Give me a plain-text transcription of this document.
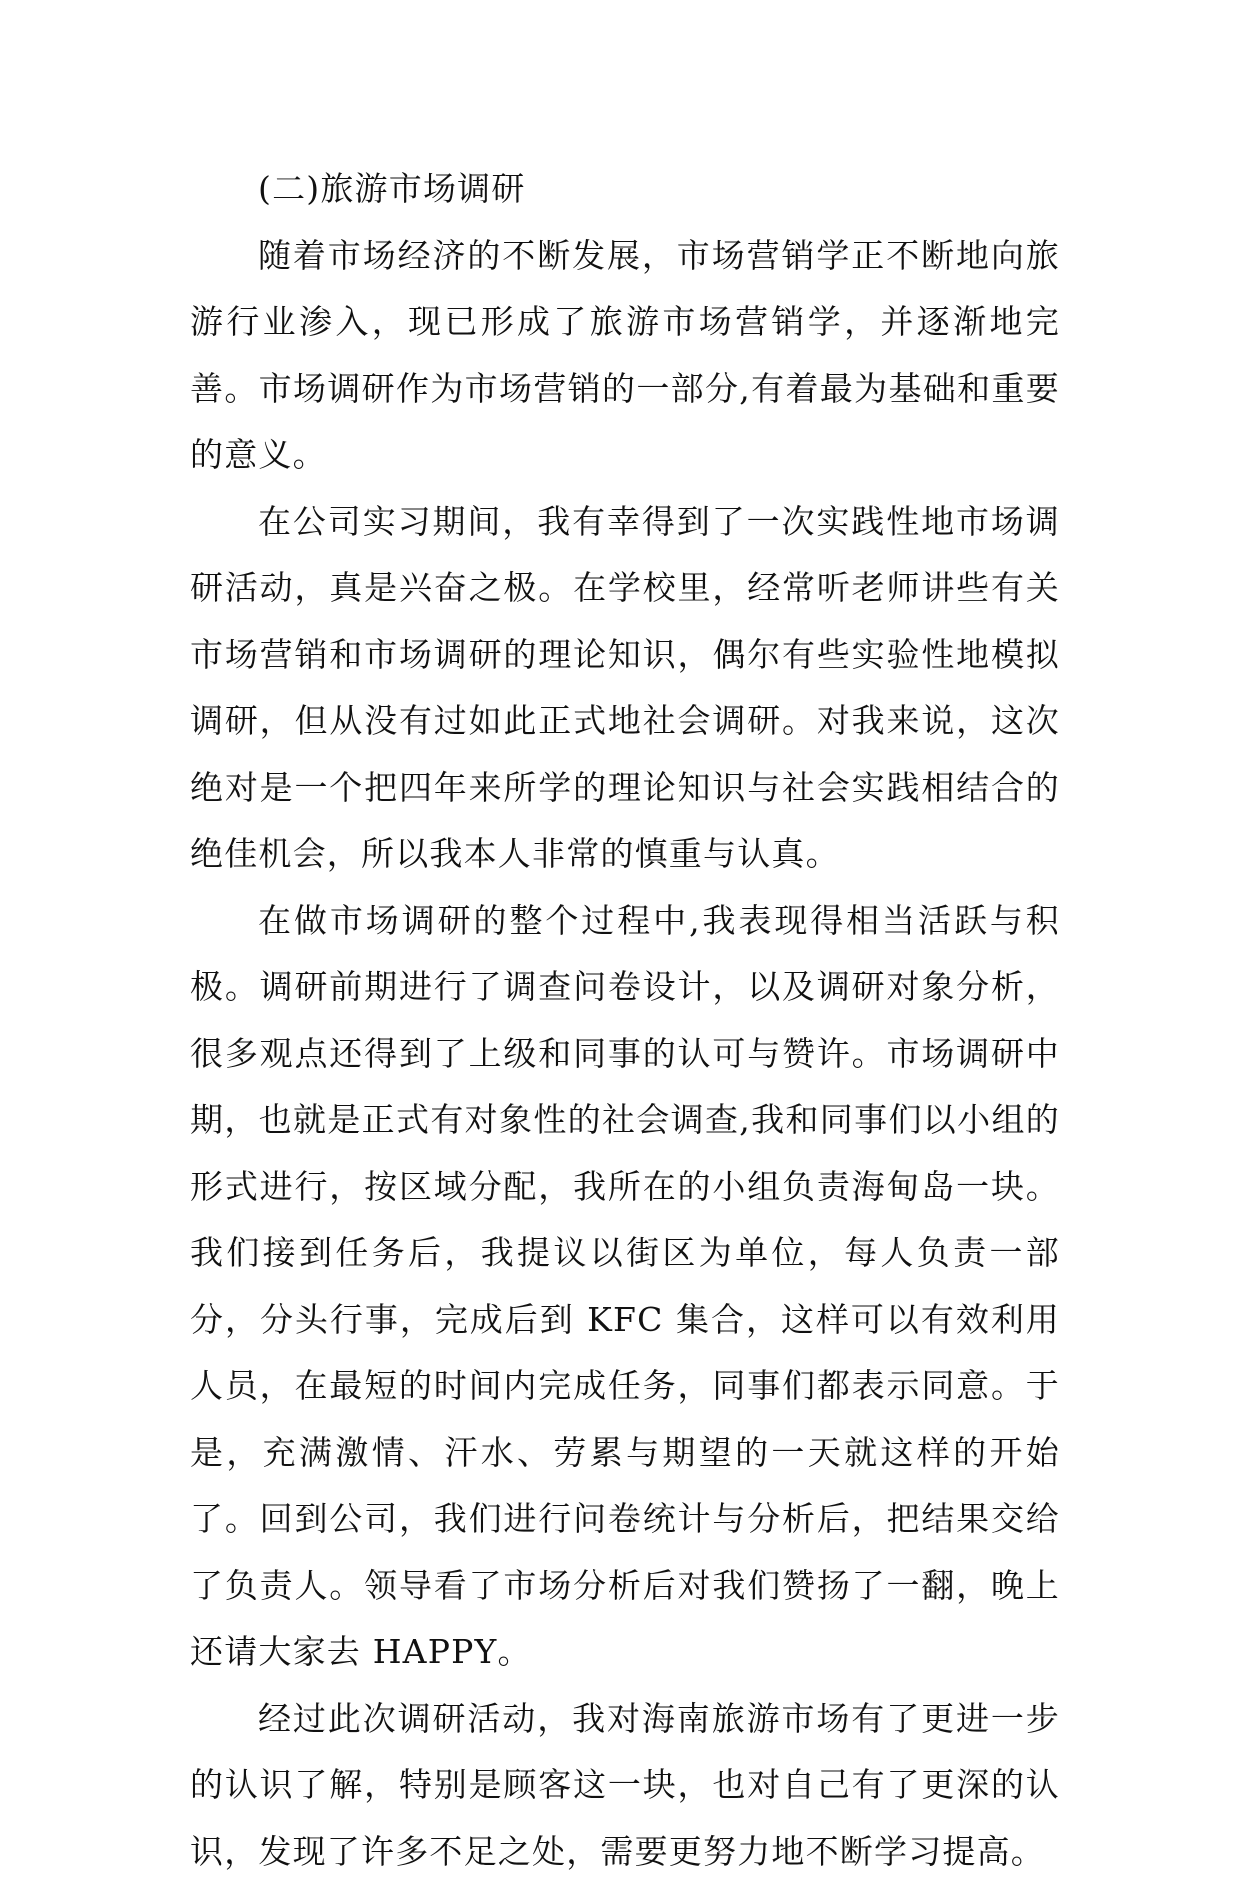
(二)旅游市场调研

随着市场经济的不断发展，市场营销学正不断地向旅游行业渗入，现已形成了旅游市场营销学，并逐渐地完善。市场调研作为市场营销的一部分,有着最为基础和重要的意义。

在公司实习期间，我有幸得到了一次实践性地市场调研活动，真是兴奋之极。在学校里，经常听老师讲些有关市场营销和市场调研的理论知识，偶尔有些实验性地模拟调研，但从没有过如此正式地社会调研。对我来说，这次绝对是一个把四年来所学的理论知识与社会实践相结合的绝佳机会，所以我本人非常的慎重与认真。

在做市场调研的整个过程中,我表现得相当活跃与积极。调研前期进行了调查问卷设计，以及调研对象分析，很多观点还得到了上级和同事的认可与赞许。市场调研中期，也就是正式有对象性的社会调查,我和同事们以小组的形式进行，按区域分配，我所在的小组负责海甸岛一块。我们接到任务后，我提议以街区为单位，每人负责一部分，分头行事，完成后到 KFC 集合，这样可以有效利用人员，在最短的时间内完成任务，同事们都表示同意。于是，充满激情、汗水、劳累与期望的一天就这样的开始了。回到公司，我们进行问卷统计与分析后，把结果交给了负责人。领导看了市场分析后对我们赞扬了一翻，晚上还请大家去 HAPPY。

经过此次调研活动，我对海南旅游市场有了更进一步的认识了解，特别是顾客这一块，也对自己有了更深的认识，发现了许多不足之处，需要更努力地不断学习提高。
